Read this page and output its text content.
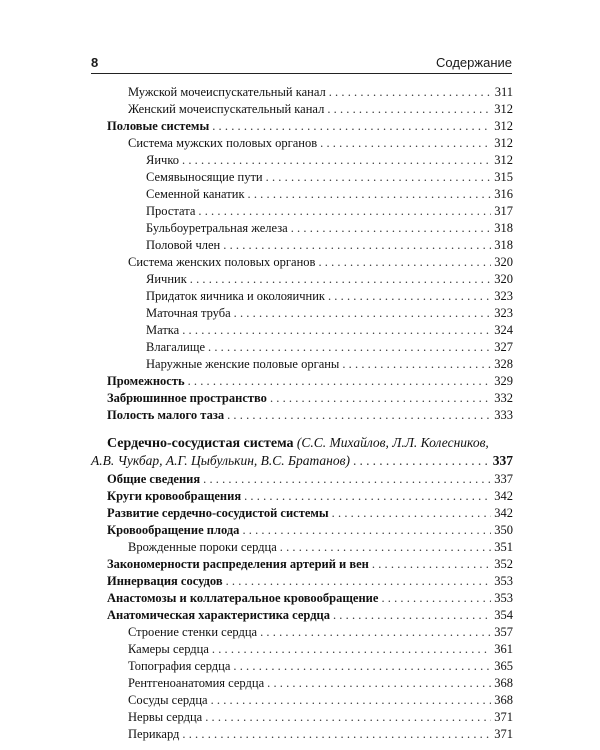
8	Содержание
Мужской мочеиспускательный канал .....	311
Женский мочеиспускательный канал .....	312
Половые системы .....	312
Система мужских половых органов .....	312
Яичко .....	312
Семявыносящие пути .....	315
Семенной канатик .....	316
Простата .....	317
Бульбоуретральная железа .....	318
Половой член .....	318
Система женских половых органов .....	320
Яичник .....	320
Придаток яичника и околояичник .....	323
Маточная труба .....	323
Матка .....	324
Влагалище .....	327
Наружные женские половые органы .....	328
Промежность .....	329
Забрюшинное пространство .....	332
Полость малого таза .....	333
Сердечно-сосудистая система (С.С. Михайлов, Л.Л. Колесников,
А.В. Чукбар, А.Г. Цыбулькин, В.С. Братанов) .....	337
Общие сведения .....	337
Круги кровообращения .....	342
Развитие сердечно-сосудистой системы .....	342
Кровообращение плода .....	350
Врожденные пороки сердца .....	351
Закономерности распределения артерий и вен .....	352
Иннервация сосудов .....	353
Анастомозы и коллатеральное кровообращение .....	353
Анатомическая характеристика сердца .....	354
Строение стенки сердца .....	357
Камеры сердца .....	361
Топография сердца .....	365
Рентгеноанатомия сердца .....	368
Сосуды сердца .....	368
Нервы сердца .....	371
Перикард .....	371
